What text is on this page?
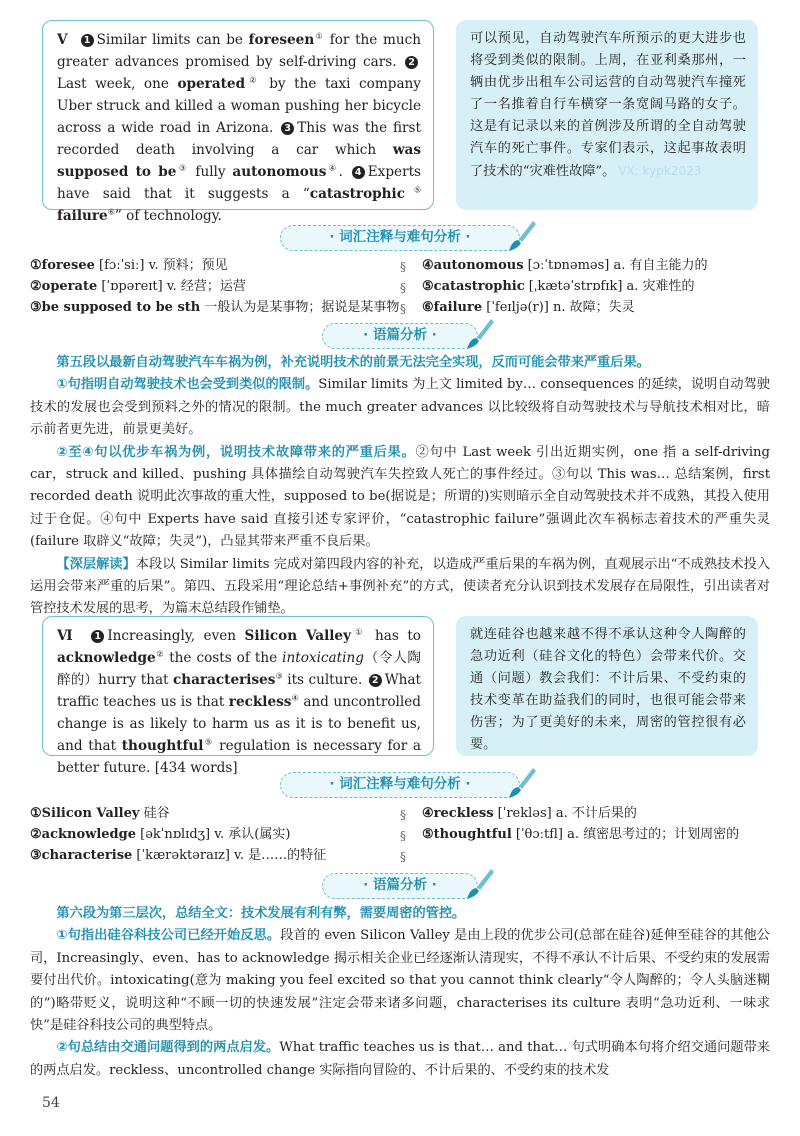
Ⅴ 1 Similar limits can be foreseen① for the much greater advances promised by self-driving cars. 2Last week, one operated② by the taxi company Uber struck and killed a woman pushing her bicycle across a wide road in Arizona. 3 This was the first recorded death involving a car which was supposed to be③ fully autonomous④. 4 Experts have said that it suggests a “catastrophic⑤ failure⑥” of technology.
可以预见，自动驾驶汽车所预示的更大进步也将受到类似的限制。上周，在亚利桑那州，一辆由优步出租车公司运营的自动驾驶汽车撞死了一名推着自行车横穿一条宽阔马路的女子。这是有记录以来的首例涉及所谓的全自动驾驶汽车的死亡事件。专家们表示，这起事故表明了技术的“灾难性故障”。 VX: kypk2023
· 词汇注释与难句分析 ·
①foresee [fɔːˈsiː] v. 预料；预见
②operate [ˈɒpəreɪt] v. 经营；运营
③be supposed to be sth 一般认为是某事物；据说是某事物
§
§
§
④autonomous [ɔːˈtɒnəməs] a. 有自主能力的
⑤catastrophic [ˌkætəˈstrɒfɪk] a. 灾难性的
⑥failure [ˈfeɪljə(r)] n. 故障；失灵
· 语篇分析 ·

第五段以最新自动驾驶汽车车祸为例，补充说明技术的前景无法完全实现，反而可能会带来严重后果。

①句指明自动驾驶技术也会受到类似的限制。Similar limits 为上文 limited by… consequences 的延续，说明自动驾驶技术的发展也会受到预料之外的情况的限制。the much greater advances 以比较级将自动驾驶技术与导航技术相对比，暗示前者更先进，前景更美好。

②至④句以优步车祸为例，说明技术故障带来的严重后果。②句中 Last week 引出近期实例，one 指 a self-driving car，struck and killed、pushing 具体描绘自动驾驶汽车失控致人死亡的事件经过。③句以 This was… 总结案例，first recorded death 说明此次事故的重大性，supposed to be(据说是；所谓的)实则暗示全自动驾驶技术并不成熟，其投入使用过于仓促。④句中 Experts have said 直接引述专家评价，“catastrophic failure”强调此次车祸标志着技术的严重失灵(failure 取辟义“故障；失灵”)，凸显其带来严重不良后果。

【深层解读】本段以 Similar limits 完成对第四段内容的补充，以造成严重后果的车祸为例，直观展示出“不成熟技术投入运用会带来严重的后果”。第四、五段采用“理论总结+事例补充”的方式，使读者充分认识到技术发展存在局限性，引出读者对管控技术发展的思考，为篇末总结段作铺垫。

Ⅵ 1 Increasingly, even Silicon Valley① has to acknowledge② the costs of the intoxicating（令人陶醉的）hurry that characterises③ its culture. 2 What traffic teaches us is that reckless④ and uncontrolled change is as likely to harm us as it is to benefit us, and that thoughtful⑤ regulation is necessary for a better future. [434 words]
就连硅谷也越来越不得不承认这种令人陶醉的急功近利（硅谷文化的特色）会带来代价。交通（问题）教会我们：不计后果、不受约束的技术变革在助益我们的同时，也很可能会带来伤害；为了更美好的未来，周密的管控很有必要。
· 词汇注释与难句分析 ·
①Silicon Valley 硅谷
②acknowledge [əkˈnɒlɪdʒ] v. 承认(属实)
③characterise [ˈkærəktəraɪz] v. 是……的特征
§
§
§
④reckless [ˈrekləs] a. 不计后果的
⑤thoughtful [ˈθɔːtfl] a. 缜密思考过的；计划周密的
· 语篇分析 ·

第六段为第三层次，总结全文：技术发展有利有弊，需要周密的管控。

①句指出硅谷科技公司已经开始反思。段首的 even Silicon Valley 是由上段的优步公司(总部在硅谷)延伸至硅谷的其他公司，Increasingly、even、has to acknowledge 揭示相关企业已经逐渐认清现实，不得不承认不计后果、不受约束的发展需要付出代价。intoxicating(意为 making you feel excited so that you cannot think clearly“令人陶醉的；令人头脑迷糊的”)略带贬义，说明这种“不顾一切的快速发展”注定会带来诸多问题，characterises its culture 表明“急功近利、一味求快”是硅谷科技公司的典型特点。

②句总结由交通问题得到的两点启发。What traffic teaches us is that… and that… 句式明确本句将介绍交通问题带来的两点启发。reckless、uncontrolled change 实际指向冒险的、不计后果的、不受约束的技术发

54
